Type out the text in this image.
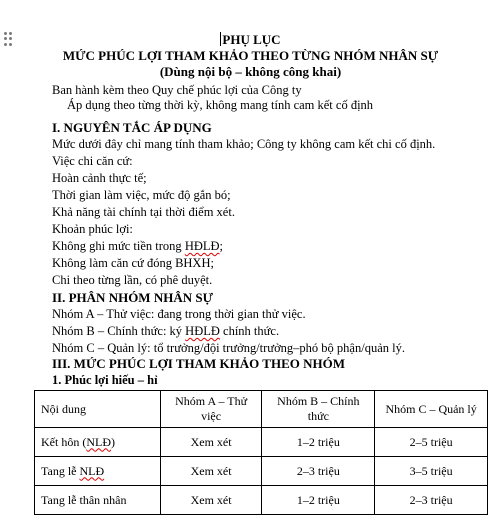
PHỤ LỤC
MỨC PHÚC LỢI THAM KHẢO THEO TỪNG NHÓM NHÂN SỰ
(Dùng nội bộ – không công khai)
Ban hành kèm theo Quy chế phúc lợi của Công ty
Áp dụng theo từng thời kỳ, không mang tính cam kết cố định
I. NGUYÊN TẮC ÁP DỤNG
Mức dưới đây chỉ mang tính tham khảo; Công ty không cam kết chi cố định.
Việc chi căn cứ:
Hoàn cảnh thực tế;
Thời gian làm việc, mức độ gắn bó;
Khả năng tài chính tại thời điểm xét.
Khoản phúc lợi:
Không ghi mức tiền trong HĐLĐ;
Không làm căn cứ đóng BHXH;
Chi theo từng lần, có phê duyệt.
II. PHÂN NHÓM NHÂN SỰ
Nhóm A – Thử việc: đang trong thời gian thử việc.
Nhóm B – Chính thức: ký HĐLĐ chính thức.
Nhóm C – Quản lý: tổ trưởng/đội trưởng/trưởng–phó bộ phận/quản lý.
III. MỨC PHÚC LỢI THAM KHẢO THEO NHÓM
1. Phúc lợi hiếu – hỉ
Nội dung	Nhóm A – Thử việc	Nhóm B – Chính thức	Nhóm C – Quản lý
Kết hôn (NLĐ)	Xem xét	1–2 triệu	2–5 triệu
Tang lễ NLĐ	Xem xét	2–3 triệu	3–5 triệu
Tang lễ thân nhân	Xem xét	1–2 triệu	2–3 triệu
